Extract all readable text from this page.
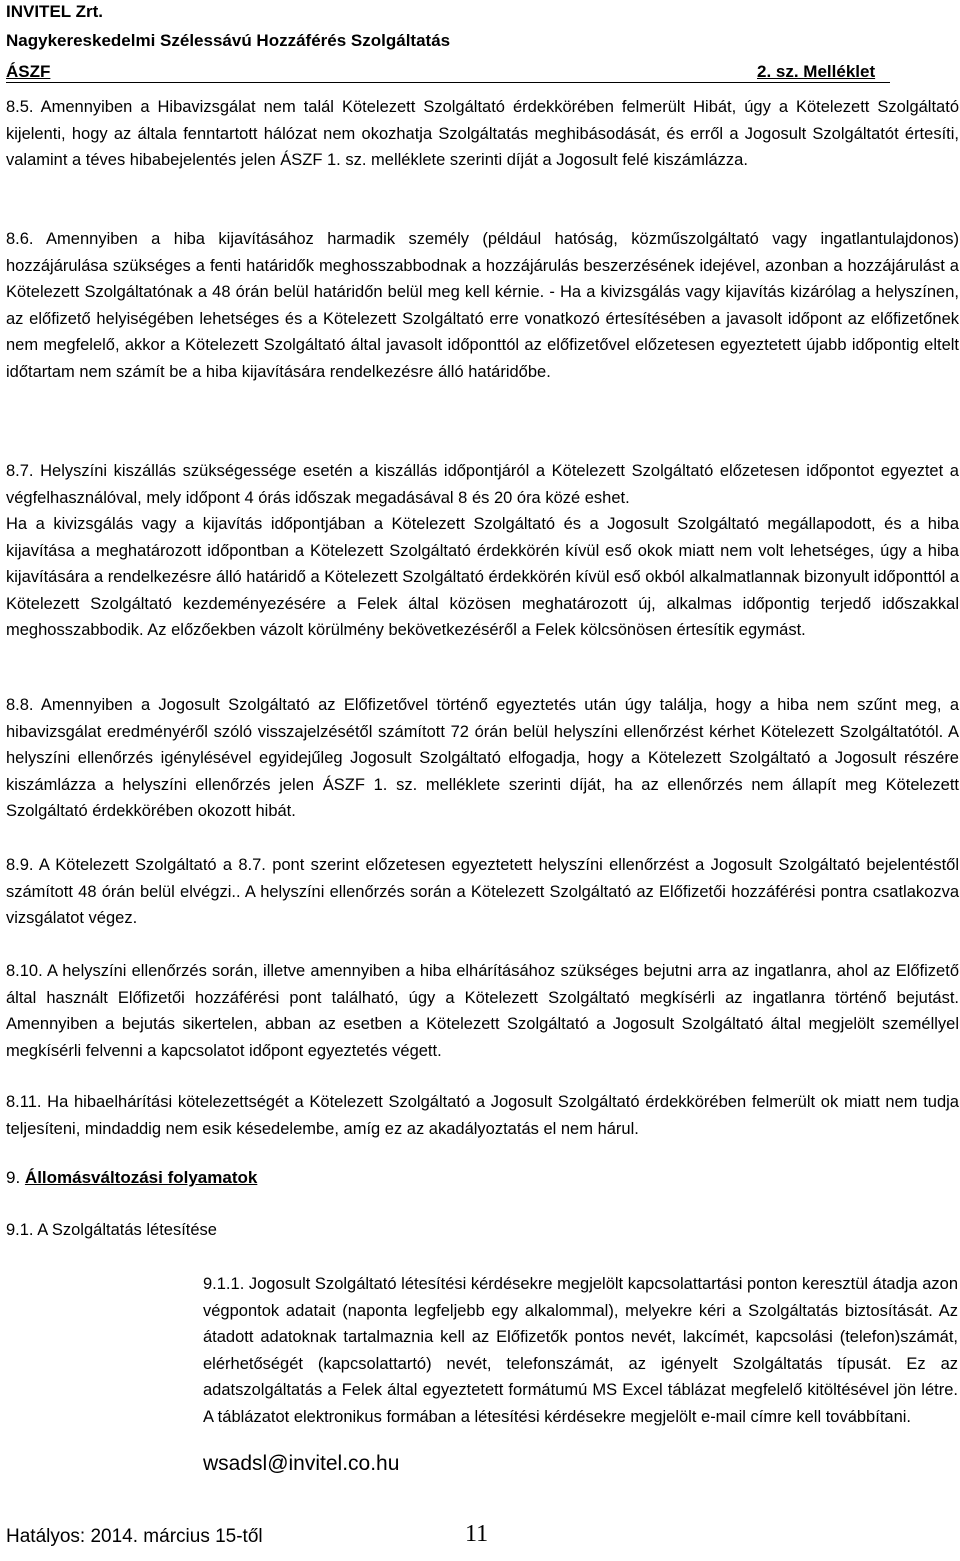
INVITEL Zrt.
Nagykereskedelmi Szélessávú Hozzáférés Szolgáltatás
ÁSZF	2. sz. Melléklet

8.5. Amennyiben a Hibavizsgálat nem talál Kötelezett Szolgáltató érdekkörében felmerült Hibát, úgy a Kötelezett Szolgáltató kijelenti, hogy az általa fenntartott hálózat nem okozhatja Szolgáltatás meghibásodását, és erről a Jogosult Szolgáltatót értesíti, valamint a téves hibabejelentés jelen ÁSZF 1. sz. melléklete szerinti díját a Jogosult felé kiszámlázza.

8.6. Amennyiben a hiba kijavításához harmadik személy (például hatóság, közműszolgáltató vagy ingatlantulajdonos) hozzájárulása szükséges a fenti határidők meghosszabbodnak a hozzájárulás beszerzésének idejével, azonban a hozzájárulást a Kötelezett Szolgáltatónak a 48 órán belül határidőn belül meg kell kérnie. - Ha a kivizsgálás vagy kijavítás kizárólag a helyszínen, az előfizető helyiségében lehetséges és a Kötelezett Szolgáltató erre vonatkozó értesítésében a javasolt időpont az előfizetőnek nem megfelelő, akkor a Kötelezett Szolgáltató által javasolt időponttól az előfizetővel előzetesen egyeztetett újabb időpontig eltelt időtartam nem számít be a hiba kijavítására rendelkezésre álló határidőbe.

8.7. Helyszíni kiszállás szükségessége esetén a kiszállás időpontjáról a Kötelezett Szolgáltató előzetesen időpontot egyeztet a végfelhasználóval, mely időpont 4 órás időszak megadásával 8 és 20 óra közé eshet.

Ha a kivizsgálás vagy a kijavítás időpontjában a Kötelezett Szolgáltató és a Jogosult Szolgáltató megállapodott, és a hiba kijavítása a meghatározott időpontban a Kötelezett Szolgáltató érdekkörén kívül eső okok miatt nem volt lehetséges, úgy a hiba kijavítására a rendelkezésre álló határidő a Kötelezett Szolgáltató érdekkörén kívül eső okból alkalmatlannak bizonyult időponttól a Kötelezett Szolgáltató kezdeményezésére a Felek által közösen meghatározott új, alkalmas időpontig terjedő időszakkal meghosszabbodik. Az előzőekben vázolt körülmény bekövetkezéséről a Felek kölcsönösen értesítik egymást.

8.8. Amennyiben a Jogosult Szolgáltató az Előfizetővel történő egyeztetés után úgy találja, hogy a hiba nem szűnt meg, a hibavizsgálat eredményéről szóló visszajelzésétől számított 72 órán belül helyszíni ellenőrzést kérhet Kötelezett Szolgáltatótól. A helyszíni ellenőrzés igénylésével egyidejűleg Jogosult Szolgáltató elfogadja, hogy a Kötelezett Szolgáltató a Jogosult részére kiszámlázza a helyszíni ellenőrzés jelen ÁSZF 1. sz. melléklete szerinti díját, ha az ellenőrzés nem állapít meg Kötelezett Szolgáltató érdekkörében okozott hibát.

8.9. A Kötelezett Szolgáltató a 8.7. pont szerint előzetesen egyeztetett helyszíni ellenőrzést a Jogosult Szolgáltató bejelentéstől számított 48 órán belül elvégzi.. A helyszíni ellenőrzés során a Kötelezett Szolgáltató az Előfizetői hozzáférési pontra csatlakozva vizsgálatot végez.

8.10. A helyszíni ellenőrzés során, illetve amennyiben a hiba elhárításához szükséges bejutni arra az ingatlanra, ahol az Előfizető által használt Előfizetői hozzáférési pont található, úgy a Kötelezett Szolgáltató megkísérli az ingatlanra történő bejutást. Amennyiben a bejutás sikertelen, abban az esetben a Kötelezett Szolgáltató a Jogosult Szolgáltató által megjelölt személlyel megkísérli felvenni a kapcsolatot időpont egyeztetés végett.

8.11. Ha hibaelhárítási kötelezettségét a Kötelezett Szolgáltató a Jogosult Szolgáltató érdekkörében felmerült ok miatt nem tudja teljesíteni, mindaddig nem esik késedelembe, amíg ez az akadályoztatás el nem hárul.

9. Állomásváltozási folyamatok
9.1. A Szolgáltatás létesítése

9.1.1. Jogosult Szolgáltató létesítési kérdésekre megjelölt kapcsolattartási ponton keresztül átadja azon végpontok adatait (naponta legfeljebb egy alkalommal), melyekre kéri a Szolgáltatás biztosítását. Az átadott adatoknak tartalmaznia kell az Előfizetők pontos nevét, lakcímét, kapcsolási (telefon)számát, elérhetőségét (kapcsolattartó) nevét, telefonszámát, az igényelt Szolgáltatás típusát. Ez az adatszolgáltatás a Felek által egyeztetett formátumú MS Excel táblázat megfelelő kitöltésével jön létre. A táblázatot elektronikus formában a létesítési kérdésekre megjelölt e-mail címre kell továbbítani.

wsadsl@invitel.co.hu
Hatályos: 2014. március 15-től	11
